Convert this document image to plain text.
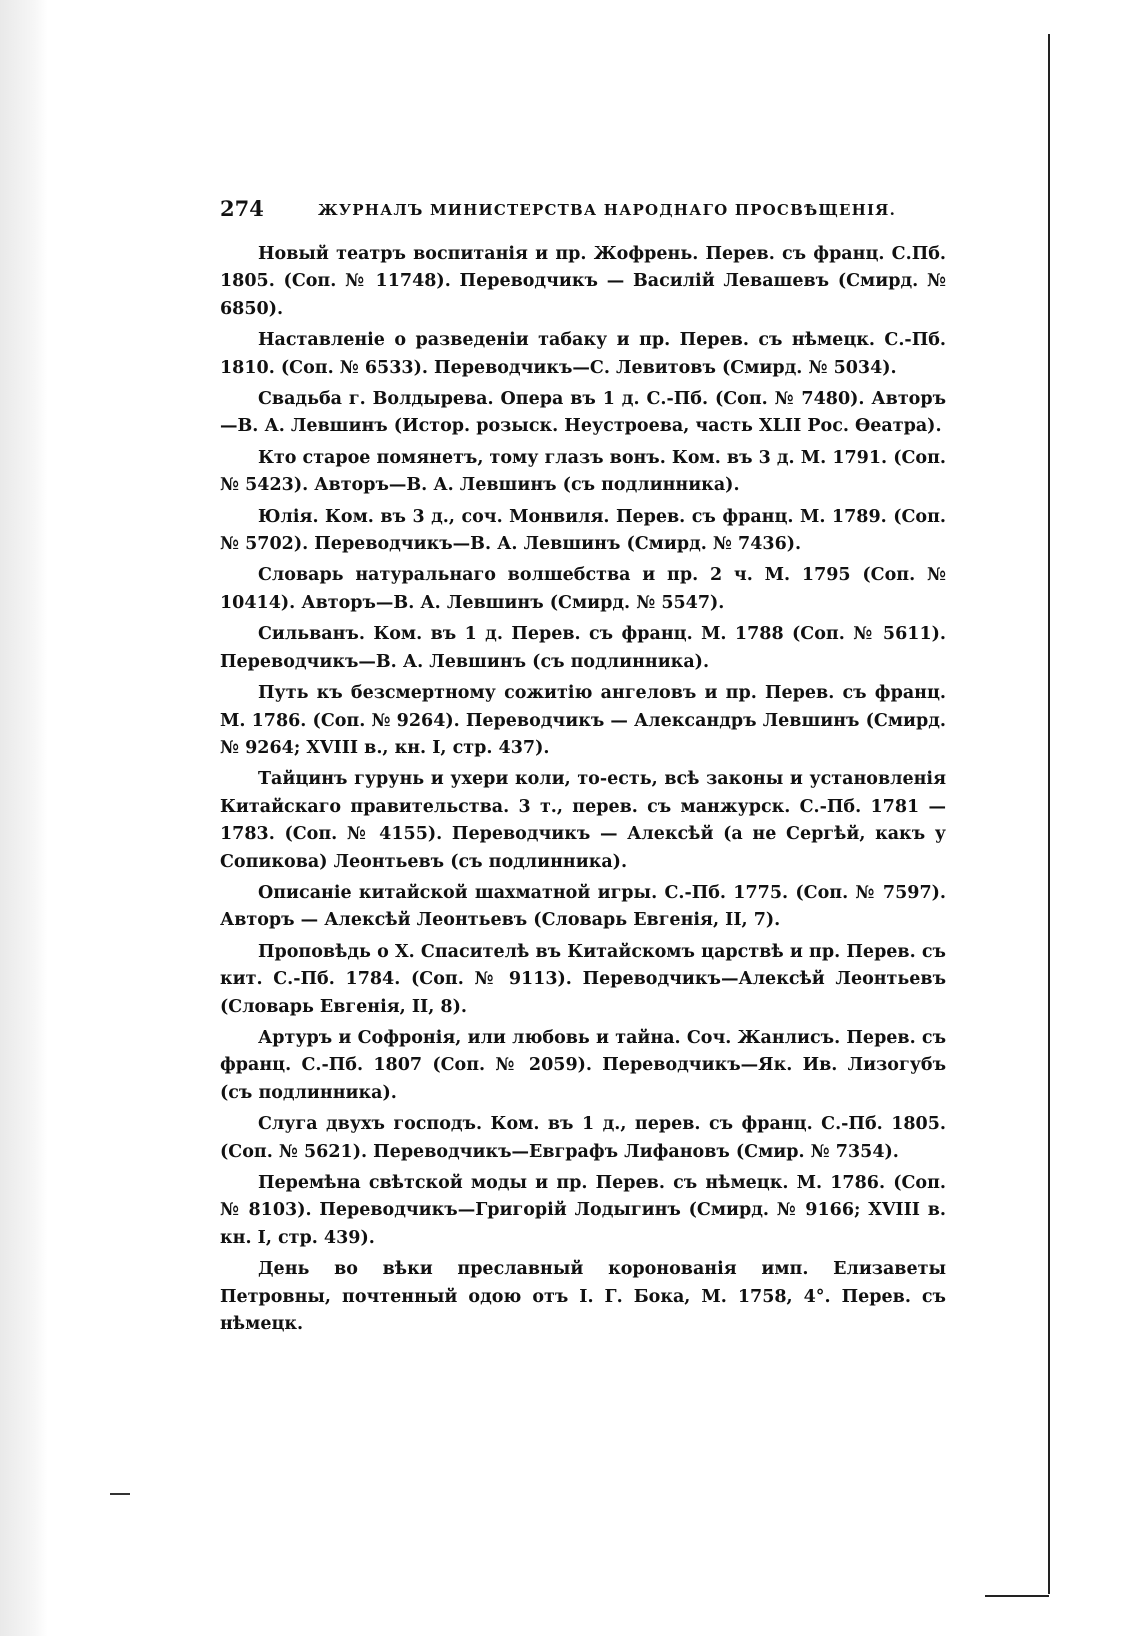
274	ЖУРНАЛЪ МИНИСТЕРСТВА НАРОДНАГО ПРОСВѢЩЕНІЯ.

Новый театръ воспитанія и пр. Жофрень. Перев. съ франц. С.Пб. 1805. (Соп. № 11748). Переводчикъ — Василій Левашевъ (Смирд. № 6850).

Наставленіе о разведеніи табаку и пр. Перев. съ нѣмецк. С.-Пб. 1810. (Соп. № 6533). Переводчикъ—С. Левитовъ (Смирд. № 5034).

Свадьба г. Волдырева. Опера въ 1 д. С.-Пб. (Соп. № 7480). Авторъ—В. А. Левшинъ (Истор. розыск. Неустроева, часть XLII Рос. Ѳеатра).

Кто старое помянетъ, тому глазъ вонъ. Ком. въ 3 д. М. 1791. (Соп. № 5423). Авторъ—В. А. Левшинъ (съ подлинника).

Юлія. Ком. въ 3 д., соч. Монвиля. Перев. съ франц. М. 1789. (Соп. № 5702). Переводчикъ—В. А. Левшинъ (Смирд. № 7436).

Словарь натуральнаго волшебства и пр. 2 ч. М. 1795 (Соп. № 10414). Авторъ—В. А. Левшинъ (Смирд. № 5547).

Сильванъ. Ком. въ 1 д. Перев. съ франц. М. 1788 (Соп. № 5611). Переводчикъ—В. А. Левшинъ (съ подлинника).

Путь къ безсмертному сожитію ангеловъ и пр. Перев. съ франц. М. 1786. (Соп. № 9264). Переводчикъ — Александръ Левшинъ (Смирд. № 9264; XVIII в., кн. I, стр. 437).

Тайцинъ гурунь и ухери коли, то-есть, всѣ законы и установленія Китайскаго правительства. 3 т., перев. съ манжурск. С.-Пб. 1781 — 1783. (Соп. № 4155). Переводчикъ — Алексѣй (а не Сергѣй, какъ у Сопикова) Леонтьевъ (съ подлинника).

Описаніе китайской шахматной игры. С.-Пб. 1775. (Соп. № 7597). Авторъ — Алексѣй Леонтьевъ (Словарь Евгенія, II, 7).

Проповѣдь о Х. Спасителѣ въ Китайскомъ царствѣ и пр. Перев. съ кит. С.-Пб. 1784. (Соп. № 9113). Переводчикъ—Алексѣй Леонтьевъ (Словарь Евгенія, II, 8).

Артуръ и Софронія, или любовь и тайна. Соч. Жанлисъ. Перев. съ франц. С.-Пб. 1807 (Соп. № 2059). Переводчикъ—Як. Ив. Лизогубъ (съ подлинника).

Слуга двухъ господъ. Ком. въ 1 д., перев. съ франц. С.-Пб. 1805. (Соп. № 5621). Переводчикъ—Евграфъ Лифановъ (Смир. № 7354).

Перемѣна свѣтской моды и пр. Перев. съ нѣмецк. М. 1786. (Соп. № 8103). Переводчикъ—Григорій Лодыгинъ (Смирд. № 9166; XVIII в. кн. I, стр. 439).

День во вѣки преславный коронованія имп. Елизаветы Петровны, почтенный одою отъ І. Г. Бока, М. 1758, 4°. Перев. съ нѣмецк.
